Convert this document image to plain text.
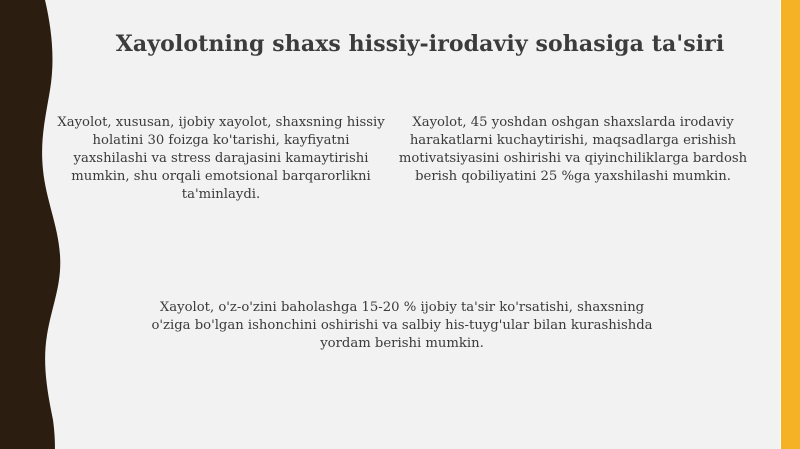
Xayolotning shaxs hissiy-irodaviy sohasiga ta'siri

Xayolot, xususan, ijobiy xayolot, shaxsning hissiy holatini 30 foizga ko'tarishi, kayfiyatni yaxshilashi va stress darajasini kamaytirishi mumkin, shu orqali emotsional barqarorlikni ta'minlaydi.

Xayolot, 45 yoshdan oshgan shaxslarda irodaviy harakatlarni kuchaytirishi, maqsadlarga erishish motivatsiyasini oshirishi va qiyinchiliklarga bardosh berish qobiliyatini 25 %ga yaxshilashi mumkin.

Xayolot, o'z-o'zini baholashga 15-20 % ijobiy ta'sir ko'rsatishi, shaxsning o'ziga bo'lgan ishonchini oshirishi va salbiy his-tuyg'ular bilan kurashishda yordam berishi mumkin.
